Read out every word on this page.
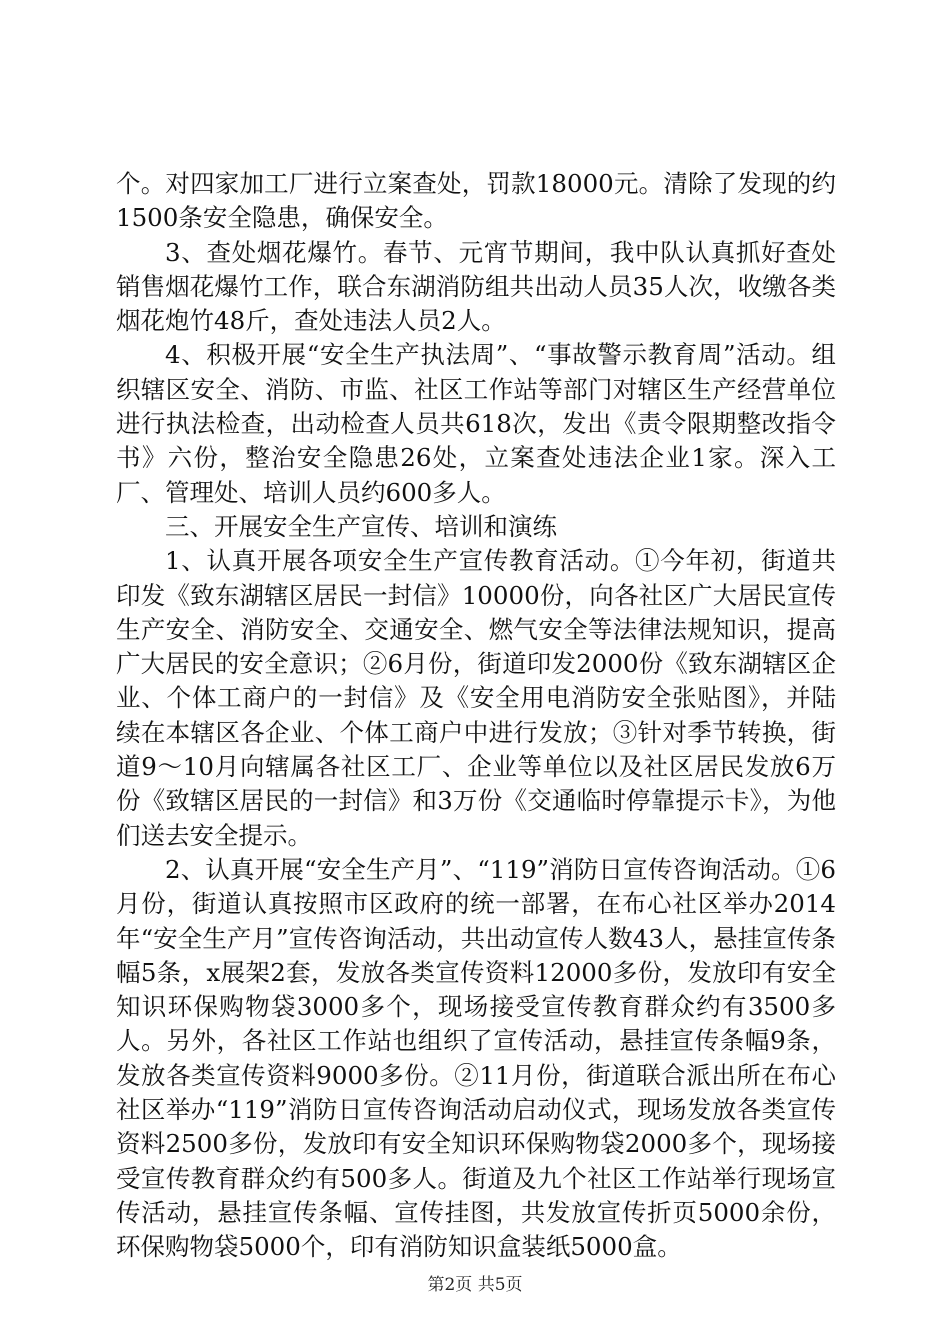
个。对四家加工厂进行立案查处，罚款18000元。清除了发现的约1500条安全隐患，确保安全。

3、查处烟花爆竹。春节、元宵节期间，我中队认真抓好查处销售烟花爆竹工作，联合东湖消防组共出动人员35人次，收缴各类烟花炮竹48斤，查处违法人员2人。

4、积极开展“安全生产执法周”、“事故警示教育周”活动。组织辖区安全、消防、市监、社区工作站等部门对辖区生产经营单位进行执法检查，出动检查人员共618次，发出《责令限期整改指令书》六份，整治安全隐患26处，立案查处违法企业1家。深入工厂、管理处、培训人员约600多人。

三、开展安全生产宣传、培训和演练

1、认真开展各项安全生产宣传教育活动。①今年初，街道共印发《致东湖辖区居民一封信》10000份，向各社区广大居民宣传生产安全、消防安全、交通安全、燃气安全等法律法规知识，提高广大居民的安全意识；②6月份，街道印发2000份《致东湖辖区企业、个体工商户的一封信》及《安全用电消防安全张贴图》，并陆续在本辖区各企业、个体工商户中进行发放；③针对季节转换，街道9～10月向辖属各社区工厂、企业等单位以及社区居民发放6万份《致辖区居民的一封信》和3万份《交通临时停靠提示卡》，为他们送去安全提示。

2、认真开展“安全生产月”、“119”消防日宣传咨询活动。①6月份，街道认真按照市区政府的统一部署，在布心社区举办2014年“安全生产月”宣传咨询活动，共出动宣传人数43人，悬挂宣传条幅5条，x展架2套，发放各类宣传资料12000多份，发放印有安全知识环保购物袋3000多个，现场接受宣传教育群众约有3500多人。另外，各社区工作站也组织了宣传活动，悬挂宣传条幅9条，发放各类宣传资料9000多份。②11月份，街道联合派出所在布心社区举办“119”消防日宣传咨询活动启动仪式，现场发放各类宣传资料2500多份，发放印有安全知识环保购物袋2000多个，现场接受宣传教育群众约有500多人。街道及九个社区工作站举行现场宣传活动，悬挂宣传条幅、宣传挂图，共发放宣传折页5000余份，环保购物袋5000个，印有消防知识盒装纸5000盒。

第2页 共5页
